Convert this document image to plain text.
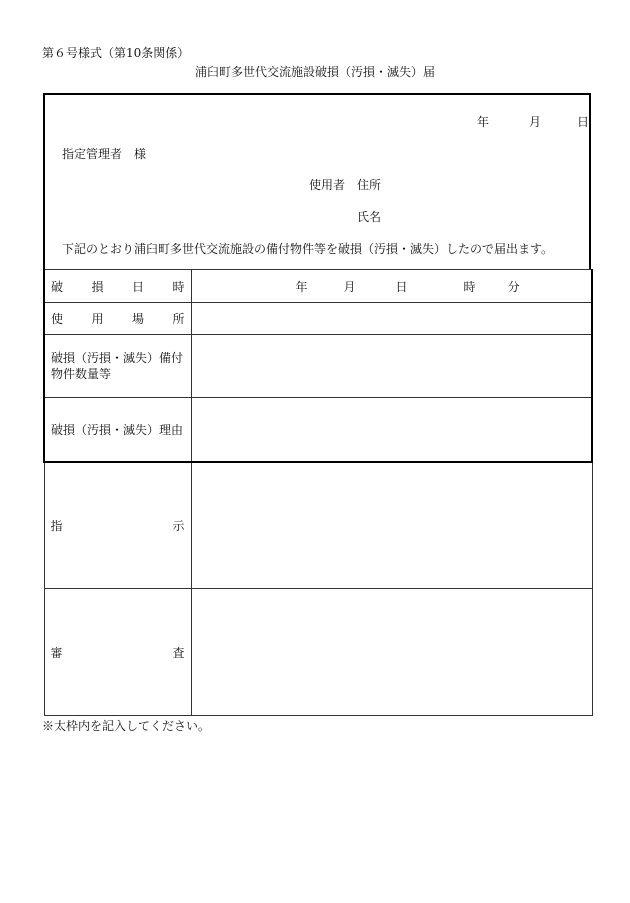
第６号様式（第10条関係）
浦臼町多世代交流施設破損（汚損・滅失）届
年	月	日
指定管理者　様
使用者 住所
氏名
下記のとおり浦臼町多世代交流施設の備付物件等を破損（汚損・滅失）したので届出ます。
破 損 日 時	年 月 日 時 分

使 用 場 所	

破損（汚損・滅失）備付物件数量等	

破損（汚損・滅失）理由	

指 示	

審 査	

※太枠内を記入してください。
